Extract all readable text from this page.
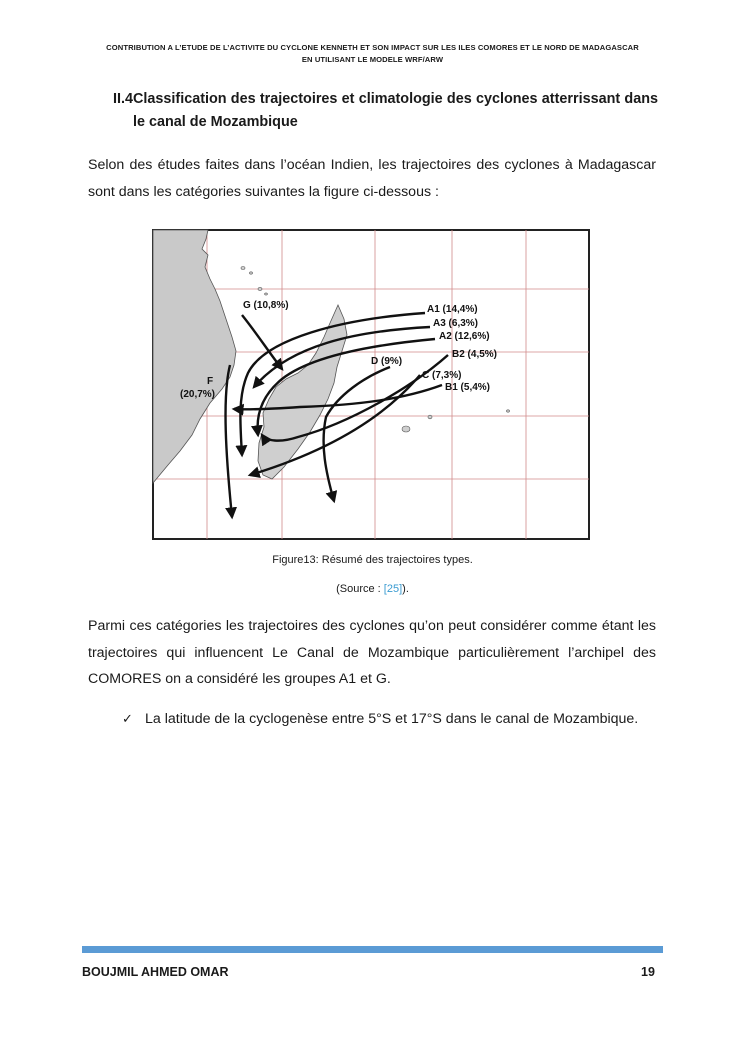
CONTRIBUTION A L’ETUDE DE L’ACTIVITE DU CYCLONE KENNETH ET SON IMPACT SUR LES ILES COMORES ET LE NORD DE MADAGASCAR
EN UTILISANT LE MODELE WRF/ARW
II.4 Classification des trajectoires et climatologie des cyclones atterrissant dans le canal de Mozambique

Selon des études faites dans l’océan Indien, les trajectoires des cyclones à Madagascar sont dans les catégories suivantes la figure ci-dessous :

G (10,8%)	A1 (14,4%)
A3 (6,3%)
A2 (12,6%)
B2 (4,5%)
D (9%)
C (7,3%)
B1 (5,4%)
F
(20,7%)
Figure13: Résumé des trajectoires types.
(Source : [25]).

Parmi ces catégories les trajectoires des cyclones qu’on peut considérer comme étant les trajectoires qui influencent Le Canal de Mozambique particulièrement l’archipel des COMORES on a considéré les groupes A1 et G.

✓ La latitude de la cyclogenèse entre 5°S et 17°S dans le canal de Mozambique.
BOUJMIL AHMED OMAR	19
